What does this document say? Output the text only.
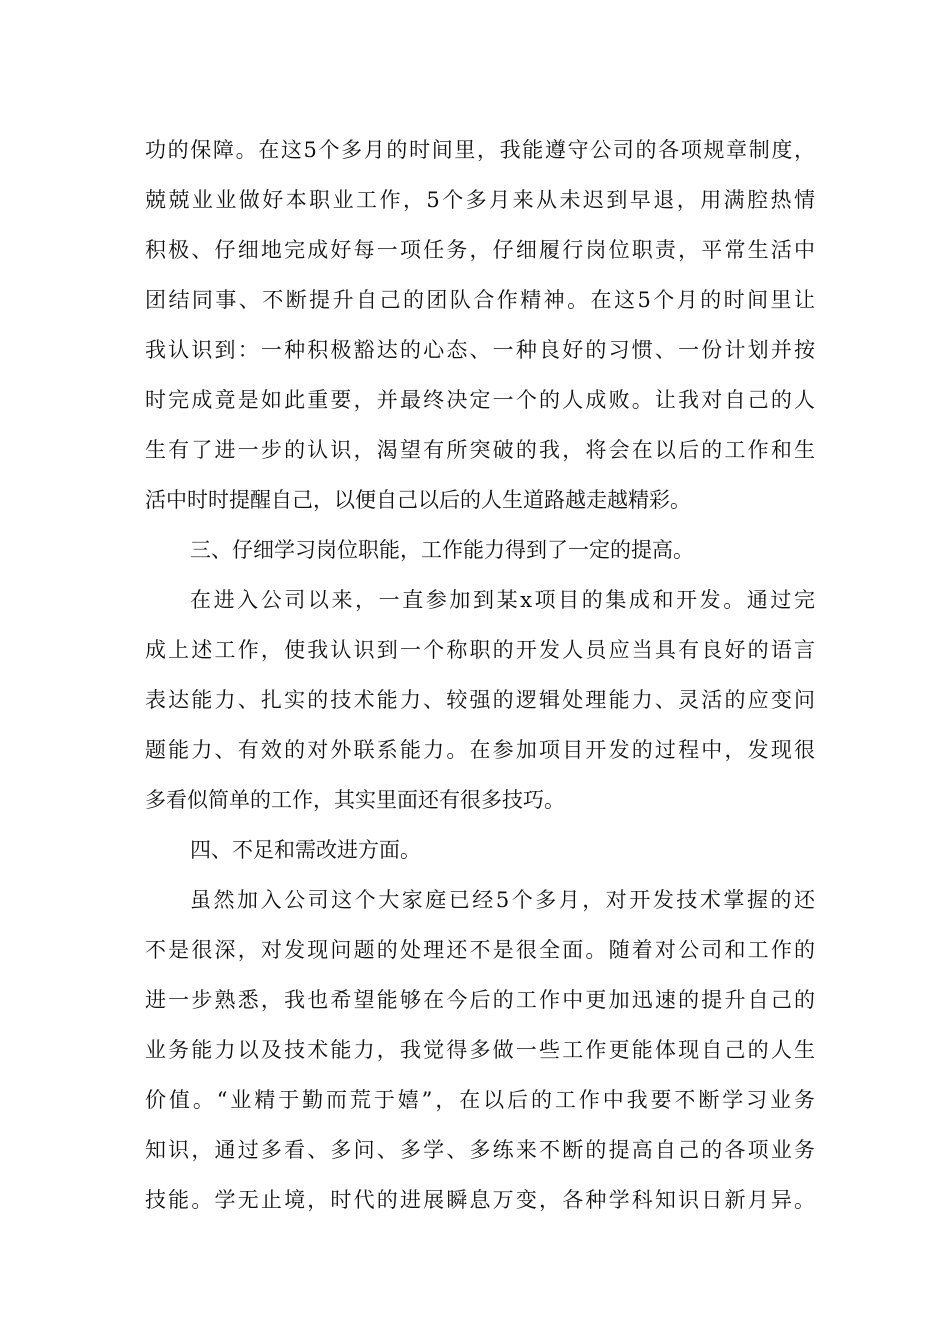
功的保障。在这5个多月的时间里，我能遵守公司的各项规章制度，

兢兢业业做好本职业工作，5个多月来从未迟到早退，用满腔热情

积极、仔细地完成好每一项任务，仔细履行岗位职责，平常生活中

团结同事、不断提升自己的团队合作精神。在这5个月的时间里让

我认识到：一种积极豁达的心态、一种良好的习惯、一份计划并按

时完成竟是如此重要，并最终决定一个的人成败。让我对自己的人

生有了进一步的认识，渴望有所突破的我，将会在以后的工作和生

活中时时提醒自己，以便自己以后的人生道路越走越精彩。

三、仔细学习岗位职能，工作能力得到了一定的提高。

在进入公司以来，一直参加到某x项目的集成和开发。通过完

成上述工作，使我认识到一个称职的开发人员应当具有良好的语言

表达能力、扎实的技术能力、较强的逻辑处理能力、灵活的应变问

题能力、有效的对外联系能力。在参加项目开发的过程中，发现很

多看似简单的工作，其实里面还有很多技巧。

四、不足和需改进方面。

虽然加入公司这个大家庭已经5个多月，对开发技术掌握的还

不是很深，对发现问题的处理还不是很全面。随着对公司和工作的

进一步熟悉，我也希望能够在今后的工作中更加迅速的提升自己的

业务能力以及技术能力，我觉得多做一些工作更能体现自己的人生

价值。“业精于勤而荒于嬉”，在以后的工作中我要不断学习业务

知识，通过多看、多问、多学、多练来不断的提高自己的各项业务

技能。学无止境，时代的进展瞬息万变，各种学科知识日新月异。
